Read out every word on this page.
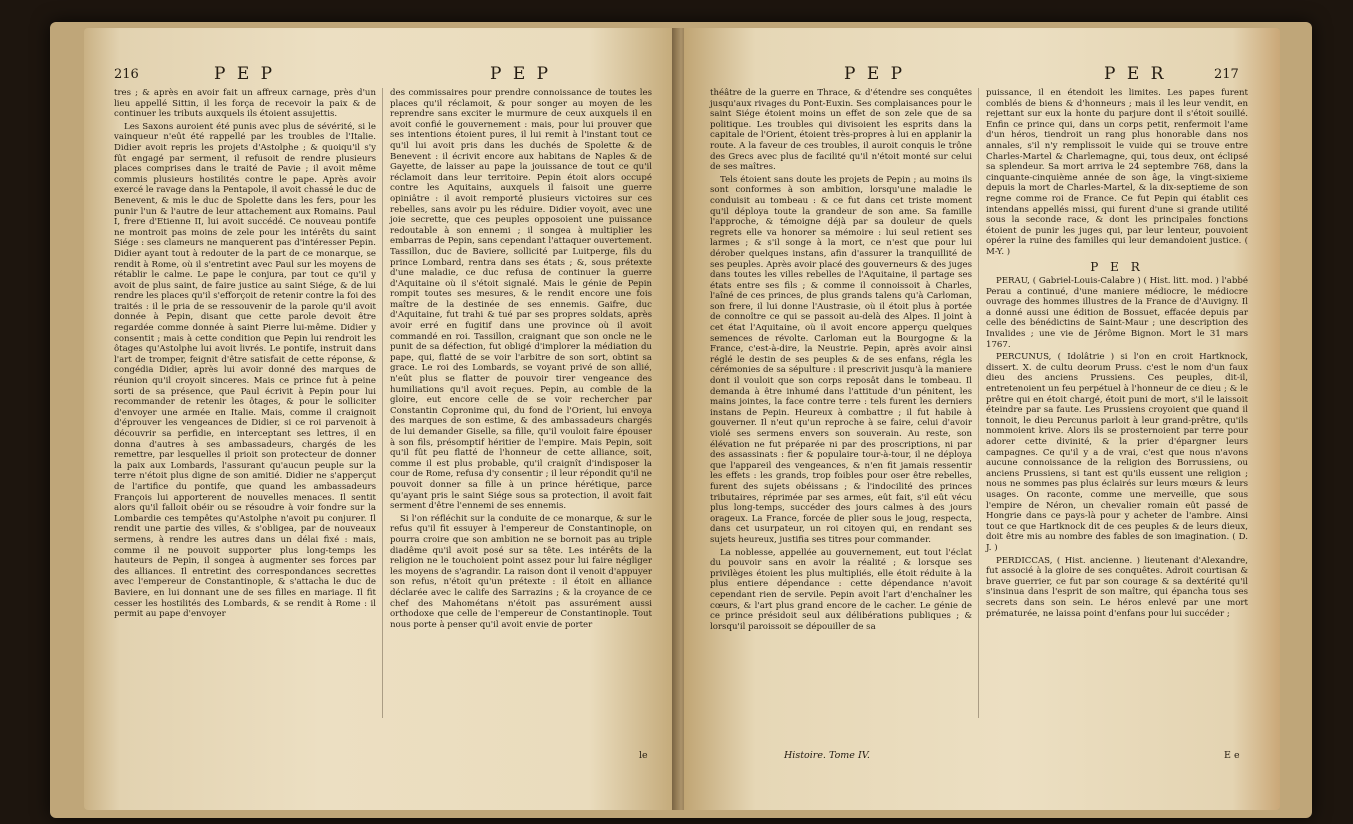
216	P E P	P E P

tres ; & après en avoir fait un affreux carnage, près d'un lieu appellé Sittin, il les força de recevoir la paix & de continuer les tributs auxquels ils étoient assujettis.

Les Saxons auroient été punis avec plus de sévérité, si le vainqueur n'eût été rappellé par les troubles de l'Italie. Didier avoit repris les projets d'Astolphe ; & quoiqu'il s'y fût engagé par serment, il refusoit de rendre plusieurs places comprises dans le traité de Pavie ; il avoit même commis plusieurs hostilités contre le pape. Après avoir exercé le ravage dans la Pentapole, il avoit chassé le duc de Benevent, & mis le duc de Spolette dans les fers, pour les punir l'un & l'autre de leur attachement aux Romains. Paul I, frere d'Etienne II, lui avoit succédé. Ce nouveau pontife ne montroit pas moins de zele pour les intérêts du saint Siége : ses clameurs ne manquerent pas d'intéresser Pepin. Didier ayant tout à redouter de la part de ce monarque, se rendit à Rome, où il s'entretint avec Paul sur les moyens de rétablir le calme. Le pape le conjura, par tout ce qu'il y avoit de plus saint, de faire justice au saint Siége, & de lui rendre les places qu'il s'efforçoit de retenir contre la foi des traités : il le pria de se ressouvenir de la parole qu'il avoit donnée à Pepin, disant que cette parole devoit être regardée comme donnée à saint Pierre lui-même. Didier y consentit ; mais à cette condition que Pepin lui rendroit les ôtages qu'Astolphe lui avoit livrés. Le pontife, instruit dans l'art de tromper, feignit d'être satisfait de cette réponse, & congédia Didier, après lui avoir donné des marques de réunion qu'il croyoit sinceres. Mais ce prince fut à peine sorti de sa présence, que Paul écrivit à Pepin pour lui recommander de retenir les ôtages, & pour le solliciter d'envoyer une armée en Italie. Mais, comme il craignoit d'éprouver les vengeances de Didier, si ce roi parvenoit à découvrir sa perfidie, en interceptant ses lettres, il en donna d'autres à ses ambassadeurs, chargés de les remettre, par lesquelles il prioit son protecteur de donner la paix aux Lombards, l'assurant qu'aucun peuple sur la terre n'étoit plus digne de son amitié. Didier ne s'apperçut de l'artifice du pontife, que quand les ambassadeurs François lui apporterent de nouvelles menaces. Il sentit alors qu'il falloit obéir ou se résoudre à voir fondre sur la Lombardie ces tempêtes qu'Astolphe n'avoit pu conjurer. Il rendit une partie des villes, & s'obligea, par de nouveaux sermens, à rendre les autres dans un délai fixé : mais, comme il ne pouvoit supporter plus long-temps les hauteurs de Pepin, il songea à augmenter ses forces par des alliances. Il entretint des correspondances secrettes avec l'empereur de Constantinople, & s'attacha le duc de Baviere, en lui donnant une de ses filles en mariage. Il fit cesser les hostilités des Lombards, & se rendit à Rome : il permit au pape d'envoyer

des commissaires pour prendre connoissance de toutes les places qu'il réclamoit, & pour songer au moyen de les reprendre sans exciter le murmure de ceux auxquels il en avoit confié le gouvernement : mais, pour lui prouver que ses intentions étoient pures, il lui remit à l'instant tout ce qu'il lui avoit pris dans les duchés de Spolette & de Benevent : il écrivit encore aux habitans de Naples & de Gayette, de laisser au pape la jouissance de tout ce qu'il réclamoit dans leur territoire. Pepin étoit alors occupé contre les Aquitains, auxquels il faisoit une guerre opiniâtre : il avoit remporté plusieurs victoires sur ces rebelles, sans avoir pu les réduire. Didier voyoit, avec une joie secrette, que ces peuples opposoient une puissance redoutable à son ennemi ; il songea à multiplier les embarras de Pepin, sans cependant l'attaquer ouvertement. Tassillon, duc de Baviere, sollicité par Luitperge, fils du prince Lombard, rentra dans ses états ; &, sous prétexte d'une maladie, ce duc refusa de continuer la guerre d'Aquitaine où il s'étoit signalé. Mais le génie de Pepin rompit toutes ses mesures, & le rendit encore une fois maître de la destinée de ses ennemis. Gaifre, duc d'Aquitaine, fut trahi & tué par ses propres soldats, après avoir erré en fugitif dans une province où il avoit commandé en roi. Tassillon, craignant que son oncle ne le punit de sa défection, fut obligé d'implorer la médiation du pape, qui, flatté de se voir l'arbitre de son sort, obtint sa grace. Le roi des Lombards, se voyant privé de son allié, n'eût plus se flatter de pouvoir tirer vengeance des humiliations qu'il avoit reçues. Pepin, au comble de la gloire, eut encore celle de se voir rechercher par Constantin Copronime qui, du fond de l'Orient, lui envoya des marques de son estime, & des ambassadeurs chargés de lui demander Giselle, sa fille, qu'il vouloit faire épouser à son fils, présomptif héritier de l'empire. Mais Pepin, soit qu'il fût peu flatté de l'honneur de cette alliance, soit, comme il est plus probable, qu'il craignît d'indisposer la cour de Rome, refusa d'y consentir ; il leur répondit qu'il ne pouvoit donner sa fille à un prince hérétique, parce qu'ayant pris le saint Siége sous sa protection, il avoit fait serment d'être l'ennemi de ses ennemis.

Si l'on réfléchit sur la conduite de ce monarque, & sur le refus qu'il fit essuyer à l'empereur de Constantinople, on pourra croire que son ambition ne se bornoit pas au triple diadême qu'il avoit posé sur sa tête. Les intérêts de la religion ne le touchoient point assez pour lui faire négliger les moyens de s'agrandir. La raison dont il venoit d'appuyer son refus, n'étoit qu'un prétexte : il étoit en alliance déclarée avec le calife des Sarrazins ; & la croyance de ce chef des Mahométans n'étoit pas assurément aussi orthodoxe que celle de l'empereur de Constantinople. Tout nous porte à penser qu'il avoit envie de porter

le
P E P	P E R	217

théâtre de la guerre en Thrace, & d'étendre ses conquêtes jusqu'aux rivages du Pont-Euxin. Ses complaisances pour le saint Siége étoient moins un effet de son zele que de sa politique. Les troubles qui divisoient les esprits dans la capitale de l'Orient, étoient très-propres à lui en applanir la route. A la faveur de ces troubles, il auroit conquis le trône des Grecs avec plus de facilité qu'il n'étoit monté sur celui de ses maîtres.

Tels étoient sans doute les projets de Pepin ; au moins ils sont conformes à son ambition, lorsqu'une maladie le conduisit au tombeau : & ce fut dans cet triste moment qu'il déploya toute la grandeur de son ame. Sa famille l'approche, & témoigne déjà par sa douleur de quels regrets elle va honorer sa mémoire : lui seul retient ses larmes ; & s'il songe à la mort, ce n'est que pour lui dérober quelques instans, afin d'assurer la tranquillité de ses peuples. Après avoir placé des gouverneurs & des juges dans toutes les villes rebelles de l'Aquitaine, il partage ses états entre ses fils ; & comme il connoissoit à Charles, l'aîné de ces princes, de plus grands talens qu'à Carloman, son frere, il lui donne l'Austrasie, où il étoit plus à portée de connoître ce qui se passoit au-delà des Alpes. Il joint à cet état l'Aquitaine, où il avoit encore apperçu quelques semences de révolte. Carloman eut la Bourgogne & la France, c'est-à-dire, la Neustrie. Pepin, après avoir ainsi réglé le destin de ses peuples & de ses enfans, régla les cérémonies de sa sépulture : il prescrivit jusqu'à la maniere dont il vouloit que son corps reposât dans le tombeau. Il demanda à être inhumé dans l'attitude d'un pénitent, les mains jointes, la face contre terre : tels furent les derniers instans de Pepin. Heureux à combattre ; il fut habile à gouverner. Il n'eut qu'un reproche à se faire, celui d'avoir violé ses sermens envers son souverain. Au reste, son élévation ne fut préparée ni par des proscriptions, ni par des assassinats : fier & populaire tour-à-tour, il ne déploya que l'appareil des vengeances, & n'en fit jamais ressentir les effets : les grands, trop foibles pour oser être rebelles, furent des sujets obéissans ; & l'indocilité des princes tributaires, réprimée par ses armes, eût fait, s'il eût vécu plus long-temps, succéder des jours calmes à des jours orageux. La France, forcée de plier sous le joug, respecta, dans cet usurpateur, un roi citoyen qui, en rendant ses sujets heureux, justifia ses titres pour commander.

La noblesse, appellée au gouvernement, eut tout l'éclat du pouvoir sans en avoir la réalité ; & lorsque ses privilèges étoient les plus multipliés, elle étoit réduite à la plus entiere dépendance : cette dépendance n'avoit cependant rien de servile. Pepin avoit l'art d'enchaîner les cœurs, & l'art plus grand encore de le cacher. Le génie de ce prince présidoit seul aux délibérations publiques ; & lorsqu'il paroissoit se dépouiller de sa

puissance, il en étendoit les limites. Les papes furent comblés de biens & d'honneurs ; mais il les leur vendit, en rejettant sur eux la honte du parjure dont il s'étoit souillé. Enfin ce prince qui, dans un corps petit, renfermoit l'ame d'un héros, tiendroit un rang plus honorable dans nos annales, s'il n'y remplissoit le vuide qui se trouve entre Charles-Martel & Charlemagne, qui, tous deux, ont éclipsé sa splendeur. Sa mort arriva le 24 septembre 768, dans la cinquante-cinquième année de son âge, la vingt-sixieme depuis la mort de Charles-Martel, & la dix-septieme de son regne comme roi de France. Ce fut Pepin qui établit ces intendans appellés missi, qui furent d'une si grande utilité sous la seconde race, & dont les principales fonctions étoient de punir les juges qui, par leur lenteur, pouvoient opérer la ruine des familles qui leur demandoient justice. ( M-Y. )

P E R

PERAU, ( Gabriel-Louis-Calabre ) ( Hist. litt. mod. ) l'abbé Perau a continué, d'une maniere médiocre, le médiocre ouvrage des hommes illustres de la France de d'Auvigny. Il a donné aussi une édition de Bossuet, effacée depuis par celle des bénédictins de Saint-Maur ; une description des Invalides ; une vie de Jérôme Bignon. Mort le 31 mars 1767.

PERCUNUS, ( Idolâtrie ) si l'on en croit Hartknock, dissert. X. de cultu deorum Pruss. c'est le nom d'un faux dieu des anciens Prussiens. Ces peuples, dit-il, entretenoient un feu perpétuel à l'honneur de ce dieu ; & le prêtre qui en étoit chargé, étoit puni de mort, s'il le laissoit éteindre par sa faute. Les Prussiens croyoient que quand il tonnoit, le dieu Percunus parloit à leur grand-prêtre, qu'ils nommoient krive. Alors ils se prosternoient par terre pour adorer cette divinité, & la prier d'épargner leurs campagnes. Ce qu'il y a de vrai, c'est que nous n'avons aucune connoissance de la religion des Borrussiens, ou anciens Prussiens, si tant est qu'ils eussent une religion ; nous ne sommes pas plus éclairés sur leurs mœurs & leurs usages. On raconte, comme une merveille, que sous l'empire de Néron, un chevalier romain eût passé de Hongrie dans ce pays-là pour y acheter de l'ambre. Ainsi tout ce que Hartknock dit de ces peuples & de leurs dieux, doit être mis au nombre des fables de son imagination. ( D. J. )

PERDICCAS, ( Hist. ancienne. ) lieutenant d'Alexandre, fut associé à la gloire de ses conquêtes. Adroit courtisan & brave guerrier, ce fut par son courage & sa dextérité qu'il s'insinua dans l'esprit de son maître, qui épancha tous ses secrets dans son sein. Le héros enlevé par une mort prématurée, ne laissa point d'enfans pour lui succéder ;

Histoire. Tome IV.	E e
